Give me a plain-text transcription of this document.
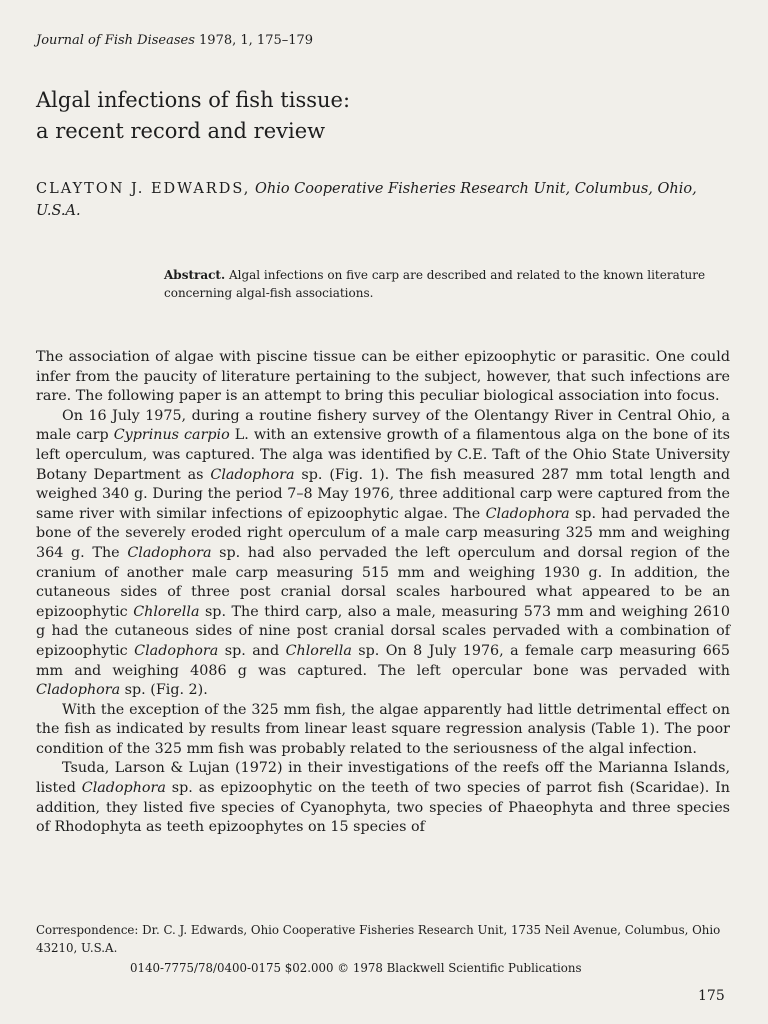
Journal of Fish Diseases 1978, 1, 175–179
Algal infections of fish tissue:
a recent record and review
CLAYTON J. EDWARDS, Ohio Cooperative Fisheries Research Unit, Columbus, Ohio, U.S.A.
Abstract. Algal infections on five carp are described and related to the known literature concerning algal-fish associations.

The association of algae with piscine tissue can be either epizoophytic or parasitic. One could infer from the paucity of literature pertaining to the subject, however, that such infections are rare. The following paper is an attempt to bring this peculiar biological association into focus.

On 16 July 1975, during a routine fishery survey of the Olentangy River in Central Ohio, a male carp Cyprinus carpio L. with an extensive growth of a filamentous alga on the bone of its left operculum, was captured. The alga was identified by C.E. Taft of the Ohio State University Botany Department as Cladophora sp. (Fig. 1). The fish measured 287 mm total length and weighed 340 g. During the period 7–8 May 1976, three additional carp were captured from the same river with similar infections of epizoophytic algae. The Cladophora sp. had pervaded the bone of the severely eroded right operculum of a male carp measuring 325 mm and weighing 364 g. The Cladophora sp. had also pervaded the left operculum and dorsal region of the cranium of another male carp measuring 515 mm and weighing 1930 g. In addition, the cutaneous sides of three post cranial dorsal scales harboured what appeared to be an epizoophytic Chlorella sp. The third carp, also a male, measuring 573 mm and weighing 2610 g had the cutaneous sides of nine post cranial dorsal scales pervaded with a combination of epizoophytic Cladophora sp. and Chlorella sp. On 8 July 1976, a female carp measuring 665 mm and weighing 4086 g was captured. The left opercular bone was pervaded with Cladophora sp. (Fig. 2).

With the exception of the 325 mm fish, the algae apparently had little detrimental effect on the fish as indicated by results from linear least square regression analysis (Table 1). The poor condition of the 325 mm fish was probably related to the seriousness of the algal infection.

Tsuda, Larson & Lujan (1972) in their investigations of the reefs off the Marianna Islands, listed Cladophora sp. as epizoophytic on the teeth of two species of parrot fish (Scaridae). In addition, they listed five species of Cyanophyta, two species of Phaeophyta and three species of Rhodophyta as teeth epizoophytes on 15 species of

Correspondence: Dr. C. J. Edwards, Ohio Cooperative Fisheries Research Unit, 1735 Neil Avenue, Columbus, Ohio 43210, U.S.A.
0140-7775/78/0400-0175 $02.000 © 1978 Blackwell Scientific Publications
175
